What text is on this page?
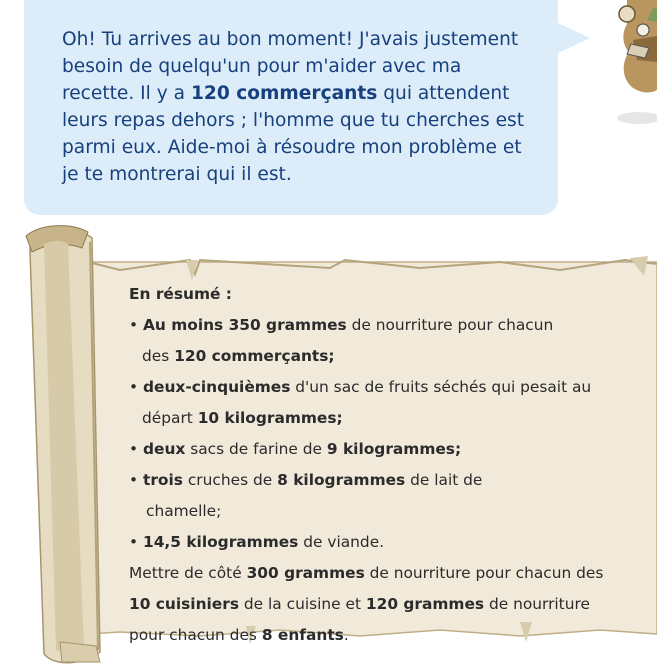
Oh! Tu arrives au bon moment! J'avais justement besoin de quelqu'un pour m'aider avec ma recette. Il y a 120 commerçants qui attendent leurs repas dehors ; l'homme que tu cherches est parmi eux. Aide-moi à résoudre mon problème et je te montrerai qui il est.
En résumé :
• Au moins 350 grammes de nourriture pour chacun
des 120 commerçants;
• deux-cinquièmes d'un sac de fruits séchés qui pesait au
départ 10 kilogrammes;
• deux sacs de farine de 9 kilogrammes;
• trois cruches de 8 kilogrammes de lait de
chamelle;
• 14,5 kilogrammes de viande.
Mettre de côté 300 grammes de nourriture pour chacun des
10 cuisiniers de la cuisine et 120 grammes de nourriture
pour chacun des 8 enfants.
